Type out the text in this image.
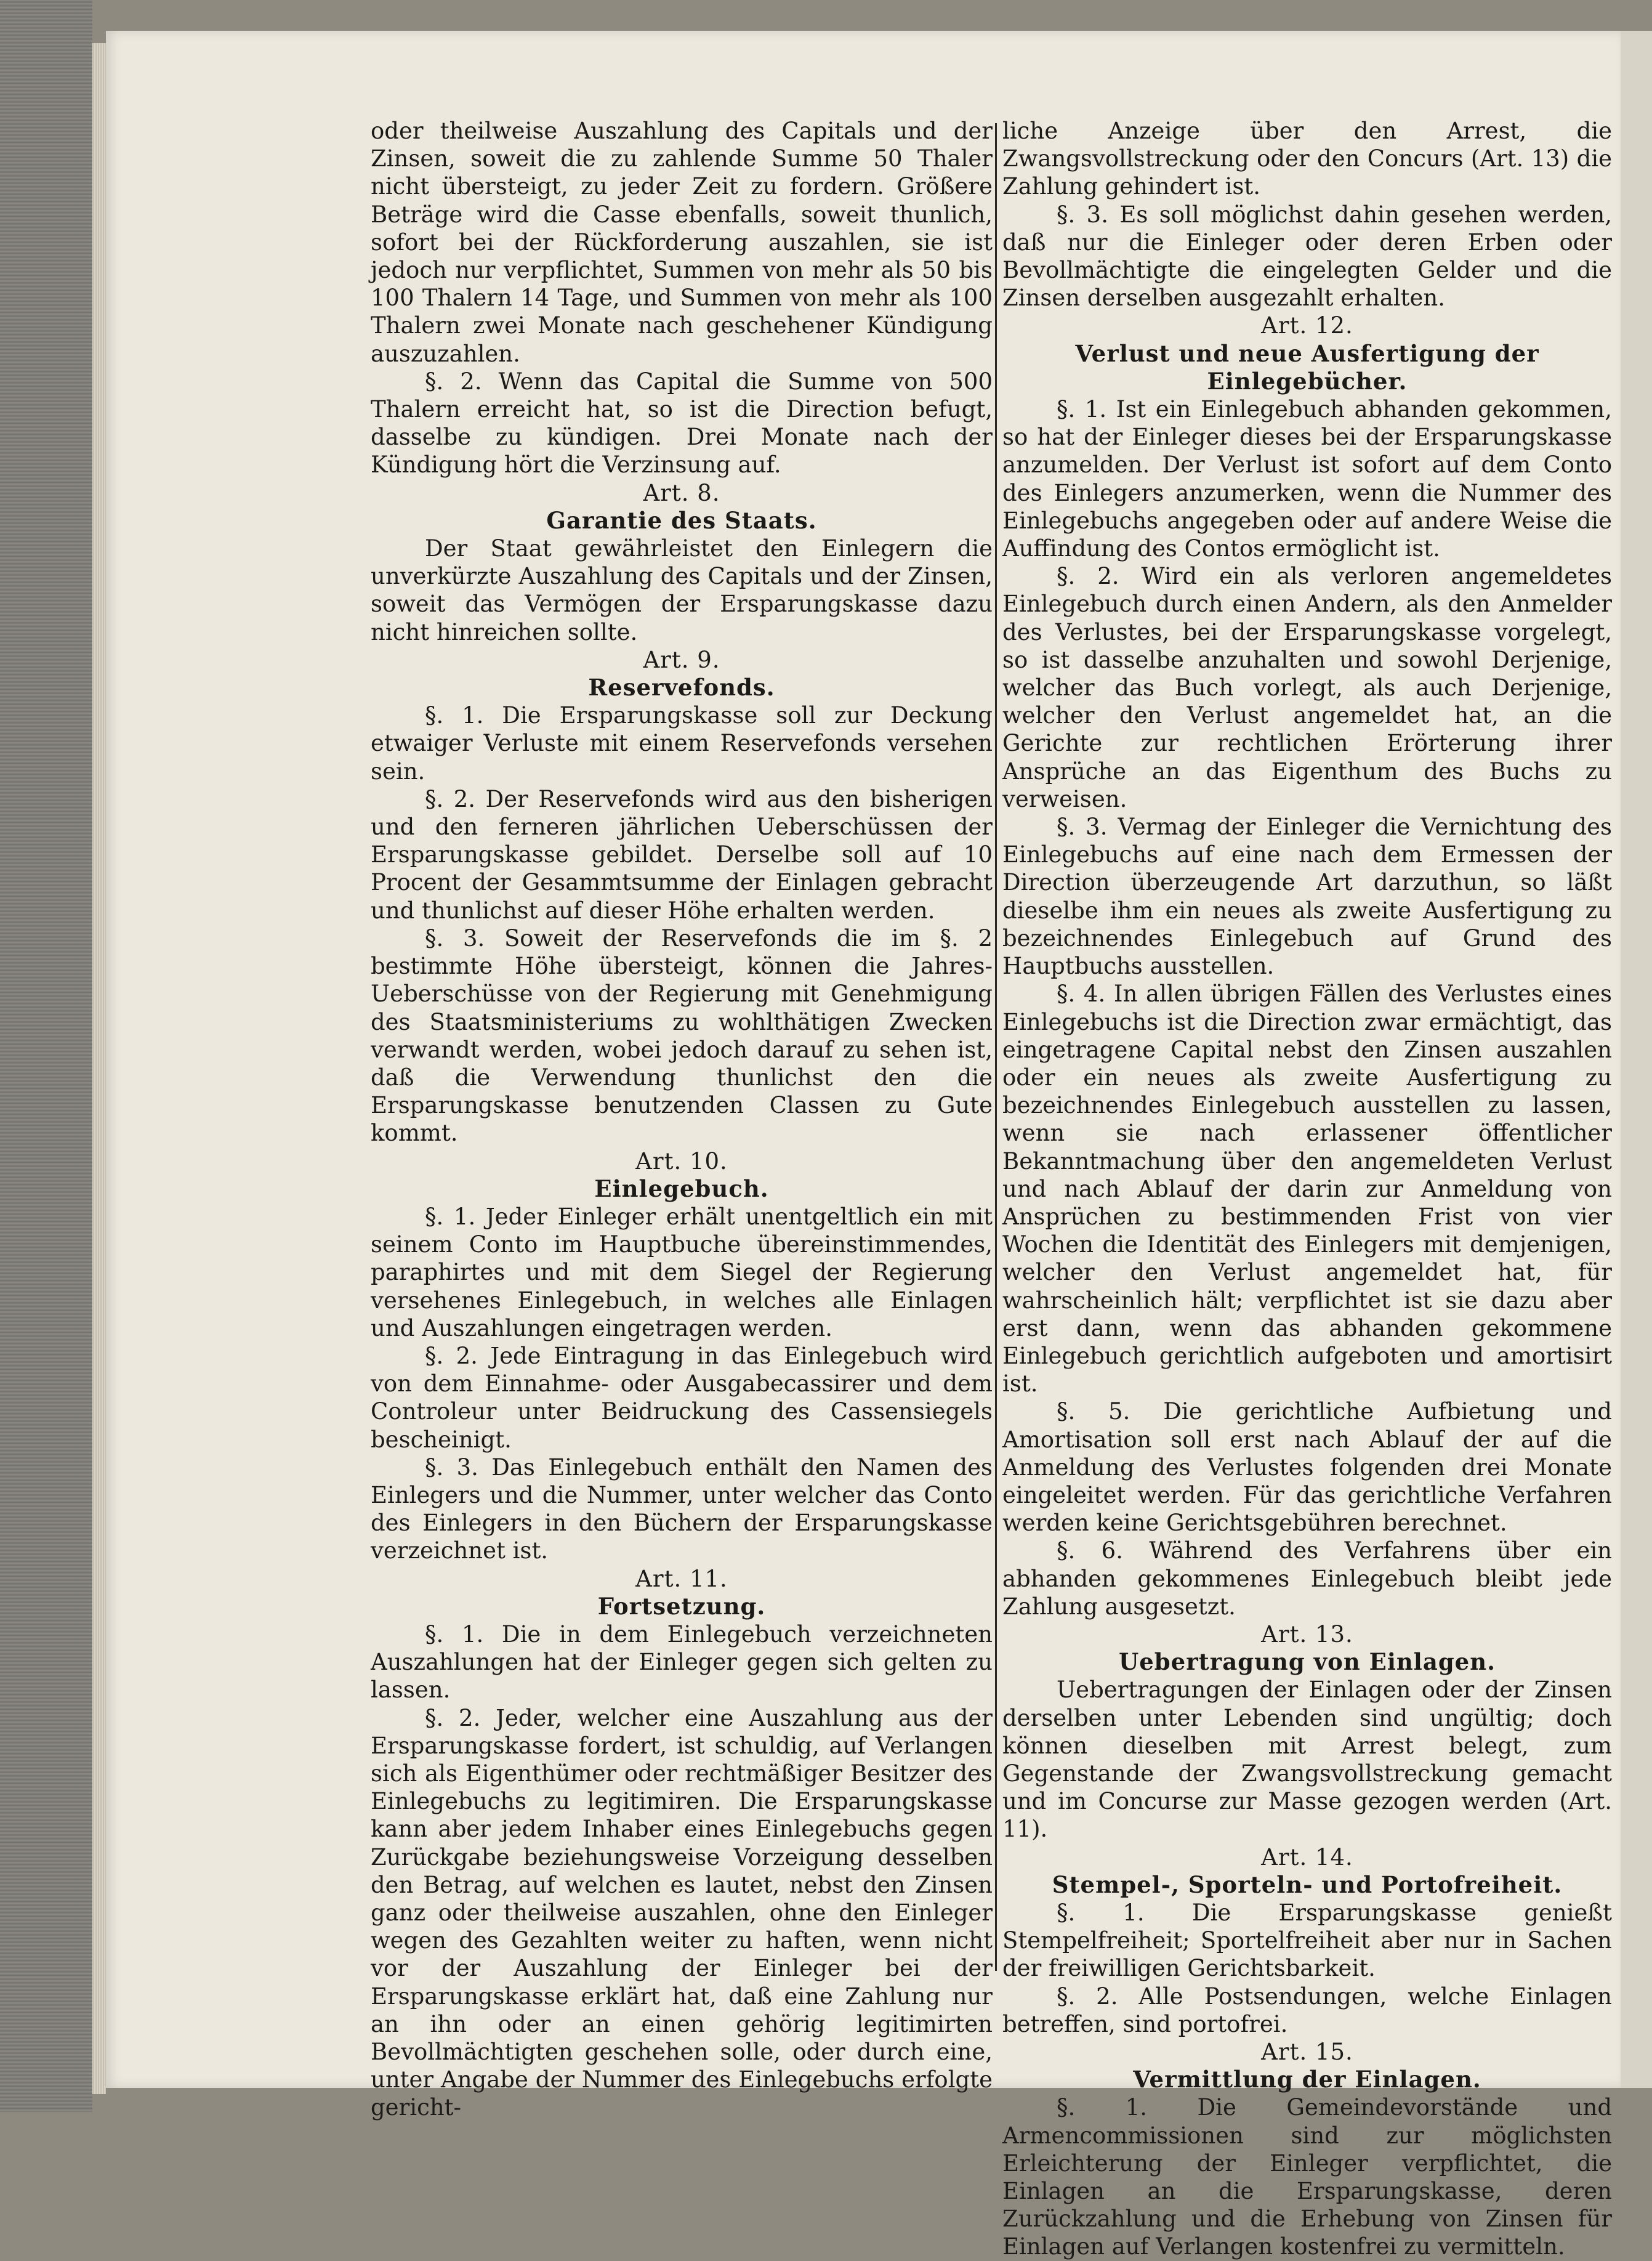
oder theilweise Auszahlung des Capitals und der Zinsen, soweit die zu zahlende Summe 50 Thaler nicht übersteigt, zu jeder Zeit zu fordern. Größere Beträge wird die Casse ebenfalls, soweit thunlich, sofort bei der Rückforderung auszahlen, sie ist jedoch nur verpflichtet, Summen von mehr als 50 bis 100 Thalern 14 Tage, und Summen von mehr als 100 Thalern zwei Monate nach geschehener Kündigung auszuzahlen.

§. 2. Wenn das Capital die Summe von 500 Thalern erreicht hat, so ist die Direction befugt, dasselbe zu kündigen. Drei Monate nach der Kündigung hört die Verzinsung auf.

Art. 8.

Garantie des Staats.

Der Staat gewährleistet den Einlegern die unverkürzte Auszahlung des Capitals und der Zinsen, soweit das Vermögen der Ersparungskasse dazu nicht hinreichen sollte.

Art. 9.

Reservefonds.

§. 1. Die Ersparungskasse soll zur Deckung etwaiger Verluste mit einem Reservefonds versehen sein.

§. 2. Der Reservefonds wird aus den bisherigen und den ferneren jährlichen Ueberschüssen der Ersparungskasse gebildet. Derselbe soll auf 10 Procent der Gesammtsumme der Einlagen gebracht und thunlichst auf dieser Höhe erhalten werden.

§. 3. Soweit der Reservefonds die im §. 2 bestimmte Höhe übersteigt, können die Jahres-Ueberschüsse von der Regierung mit Genehmigung des Staatsministeriums zu wohlthätigen Zwecken verwandt werden, wobei jedoch darauf zu sehen ist, daß die Verwendung thunlichst den die Ersparungskasse benutzenden Classen zu Gute kommt.

Art. 10.

Einlegebuch.

§. 1. Jeder Einleger erhält unentgeltlich ein mit seinem Conto im Hauptbuche übereinstimmendes, paraphirtes und mit dem Siegel der Regierung versehenes Einlegebuch, in welches alle Einlagen und Auszahlungen eingetragen werden.

§. 2. Jede Eintragung in das Einlegebuch wird von dem Einnahme- oder Ausgabecassirer und dem Controleur unter Beidruckung des Cassensiegels bescheinigt.

§. 3. Das Einlegebuch enthält den Namen des Einlegers und die Nummer, unter welcher das Conto des Einlegers in den Büchern der Ersparungskasse verzeichnet ist.

Art. 11.

Fortsetzung.

§. 1. Die in dem Einlegebuch verzeichneten Auszahlungen hat der Einleger gegen sich gelten zu lassen.

§. 2. Jeder, welcher eine Auszahlung aus der Ersparungskasse fordert, ist schuldig, auf Verlangen sich als Eigenthümer oder rechtmäßiger Besitzer des Einlegebuchs zu legitimiren. Die Ersparungskasse kann aber jedem Inhaber eines Einlegebuchs gegen Zurückgabe beziehungsweise Vorzeigung desselben den Betrag, auf welchen es lautet, nebst den Zinsen ganz oder theilweise auszahlen, ohne den Einleger wegen des Gezahlten weiter zu haften, wenn nicht vor der Auszahlung der Einleger bei der Ersparungskasse erklärt hat, daß eine Zahlung nur an ihn oder an einen gehörig legitimirten Bevollmächtigten geschehen solle, oder durch eine, unter Angabe der Nummer des Einlegebuchs erfolgte gericht-

liche Anzeige über den Arrest, die Zwangsvollstreckung oder den Concurs (Art. 13) die Zahlung gehindert ist.

§. 3. Es soll möglichst dahin gesehen werden, daß nur die Einleger oder deren Erben oder Bevollmächtigte die eingelegten Gelder und die Zinsen derselben ausgezahlt erhalten.

Art. 12.

Verlust und neue Ausfertigung der Einlegebücher.

§. 1. Ist ein Einlegebuch abhanden gekommen, so hat der Einleger dieses bei der Ersparungskasse anzumelden. Der Verlust ist sofort auf dem Conto des Einlegers anzumerken, wenn die Nummer des Einlegebuchs angegeben oder auf andere Weise die Auffindung des Contos ermöglicht ist.

§. 2. Wird ein als verloren angemeldetes Einlegebuch durch einen Andern, als den Anmelder des Verlustes, bei der Ersparungskasse vorgelegt, so ist dasselbe anzuhalten und sowohl Derjenige, welcher das Buch vorlegt, als auch Derjenige, welcher den Verlust angemeldet hat, an die Gerichte zur rechtlichen Erörterung ihrer Ansprüche an das Eigenthum des Buchs zu verweisen.

§. 3. Vermag der Einleger die Vernichtung des Einlegebuchs auf eine nach dem Ermessen der Direction überzeugende Art darzuthun, so läßt dieselbe ihm ein neues als zweite Ausfertigung zu bezeichnendes Einlegebuch auf Grund des Hauptbuchs ausstellen.

§. 4. In allen übrigen Fällen des Verlustes eines Einlegebuchs ist die Direction zwar ermächtigt, das eingetragene Capital nebst den Zinsen auszahlen oder ein neues als zweite Ausfertigung zu bezeichnendes Einlegebuch ausstellen zu lassen, wenn sie nach erlassener öffentlicher Bekanntmachung über den angemeldeten Verlust und nach Ablauf der darin zur Anmeldung von Ansprüchen zu bestimmenden Frist von vier Wochen die Identität des Einlegers mit demjenigen, welcher den Verlust angemeldet hat, für wahrscheinlich hält; verpflichtet ist sie dazu aber erst dann, wenn das abhanden gekommene Einlegebuch gerichtlich aufgeboten und amortisirt ist.

§. 5. Die gerichtliche Aufbietung und Amortisation soll erst nach Ablauf der auf die Anmeldung des Verlustes folgenden drei Monate eingeleitet werden. Für das gerichtliche Verfahren werden keine Gerichtsgebühren berechnet.

§. 6. Während des Verfahrens über ein abhanden gekommenes Einlegebuch bleibt jede Zahlung ausgesetzt.

Art. 13.

Uebertragung von Einlagen.

Uebertragungen der Einlagen oder der Zinsen derselben unter Lebenden sind ungültig; doch können dieselben mit Arrest belegt, zum Gegenstande der Zwangsvollstreckung gemacht und im Concurse zur Masse gezogen werden (Art. 11).

Art. 14.

Stempel-, Sporteln- und Portofreiheit.

§. 1. Die Ersparungskasse genießt Stempelfreiheit; Sportelfreiheit aber nur in Sachen der freiwilligen Gerichtsbarkeit.

§. 2. Alle Postsendungen, welche Einlagen betreffen, sind portofrei.

Art. 15.

Vermittlung der Einlagen.

§. 1. Die Gemeindevorstände und Armencommissionen sind zur möglichsten Erleichterung der Einleger verpflichtet, die Einlagen an die Ersparungskasse, deren Zurückzahlung und die Erhebung von Zinsen für Einlagen auf Verlangen kostenfrei zu vermitteln.
